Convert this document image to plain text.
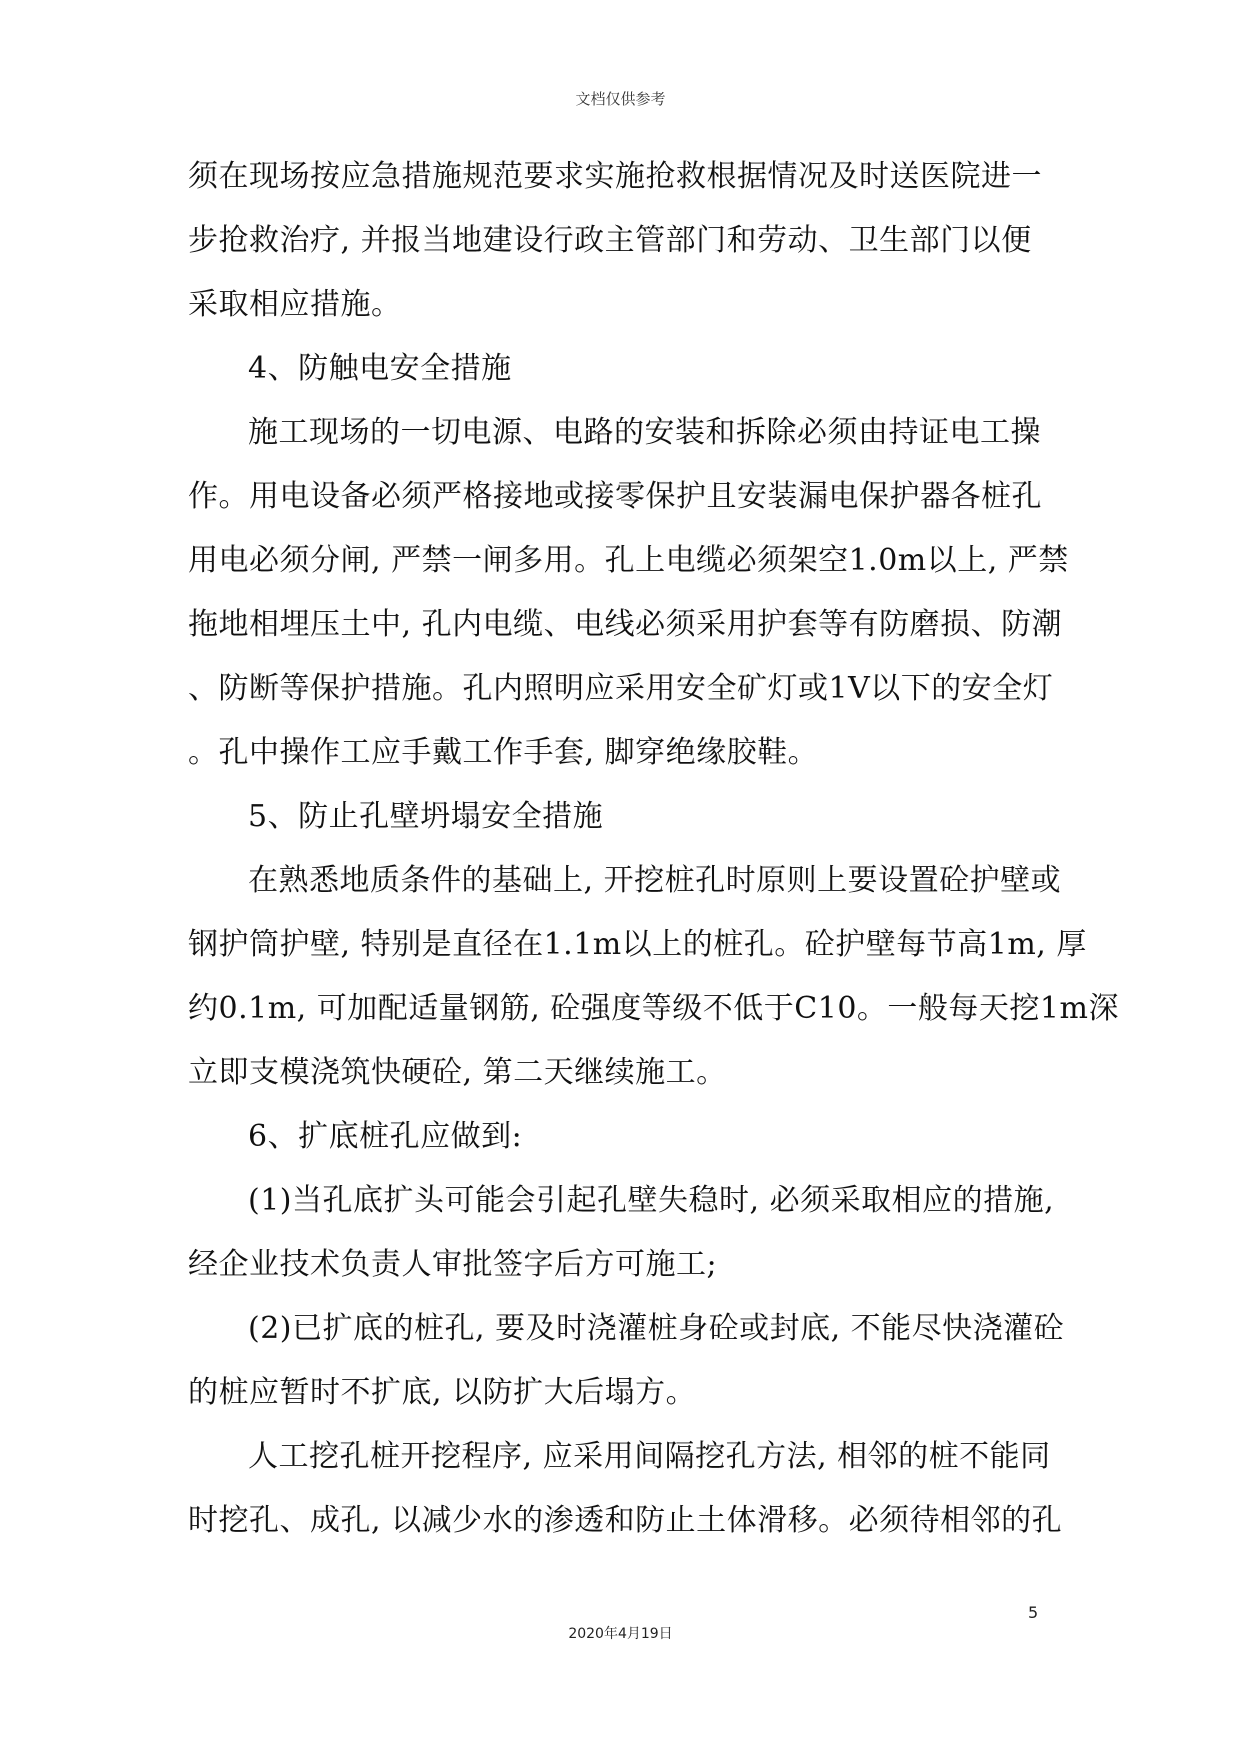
文档仅供参考
须在现场按应急措施规范要求实施抢救根据情况及时送医院进一
步抢救治疗, 并报当地建设行政主管部门和劳动、卫生部门以便
采取相应措施。
4、防触电安全措施
施工现场的一切电源、电路的安装和拆除必须由持证电工操
作。用电设备必须严格接地或接零保护且安装漏电保护器各桩孔
用电必须分闸, 严禁一闸多用。孔上电缆必须架空1.0m以上, 严禁
拖地相埋压土中, 孔内电缆、电线必须采用护套等有防磨损、防潮
、防断等保护措施。孔内照明应采用安全矿灯或1V以下的安全灯
。孔中操作工应手戴工作手套, 脚穿绝缘胶鞋。
5、防止孔壁坍塌安全措施
在熟悉地质条件的基础上, 开挖桩孔时原则上要设置砼护壁或
钢护筒护壁, 特别是直径在1.1m以上的桩孔。砼护壁每节高1m, 厚
约0.1m, 可加配适量钢筋, 砼强度等级不低于C10。一般每天挖1m深
立即支模浇筑快硬砼, 第二天继续施工。
6、扩底桩孔应做到:
(1)当孔底扩头可能会引起孔壁失稳时, 必须采取相应的措施,
经企业技术负责人审批签字后方可施工;
(2)已扩底的桩孔, 要及时浇灌桩身砼或封底, 不能尽快浇灌砼
的桩应暂时不扩底, 以防扩大后塌方。
人工挖孔桩开挖程序, 应采用间隔挖孔方法, 相邻的桩不能同
时挖孔、成孔, 以减少水的渗透和防止土体滑移。必须待相邻的孔
5
2020年4月19日
